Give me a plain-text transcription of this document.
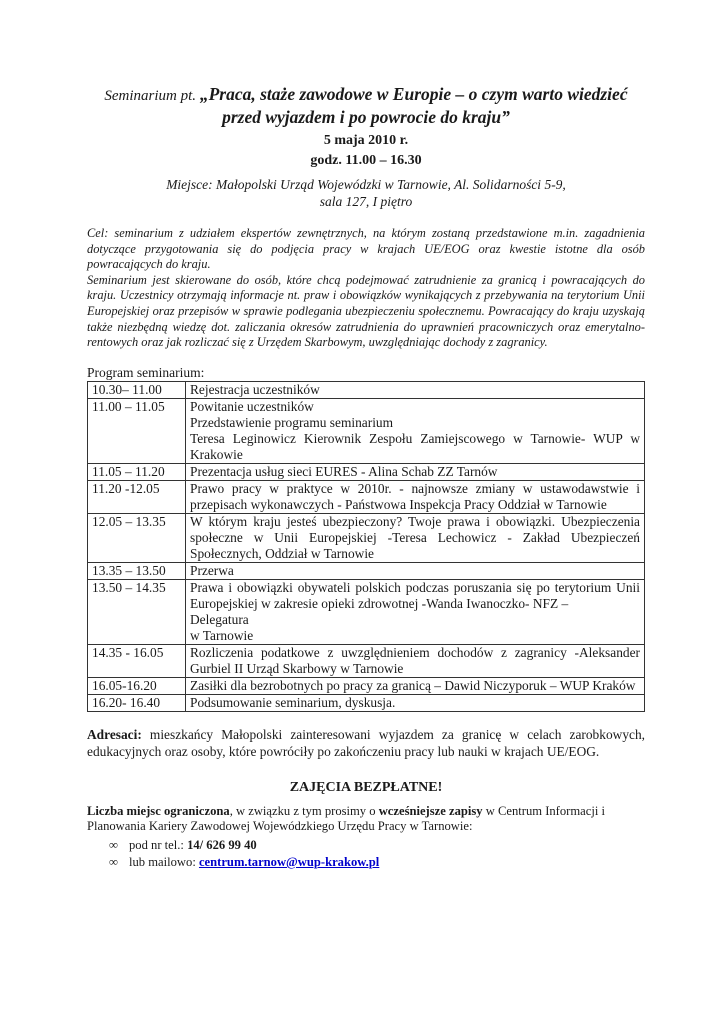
Seminarium pt. „Praca, staże zawodowe w Europie – o czym warto wiedzieć
przed wyjazdem i po powrocie do kraju”

5 maja 2010 r.
godz. 11.00 – 16.30
Miejsce: Małopolski Urząd Wojewódzki w Tarnowie, Al. Solidarności 5-9,
sala 127, I piętro

Cel: seminarium z udziałem ekspertów zewnętrznych, na którym zostaną przedstawione m.in. zagadnienia dotyczące przygotowania się do podjęcia pracy w krajach UE/EOG oraz kwestie istotne dla osób powracających do kraju.

Seminarium jest skierowane do osób, które chcą podejmować zatrudnienie za granicą i powracających do kraju. Uczestnicy otrzymają informacje nt. praw i obowiązków wynikających z przebywania na terytorium Unii Europejskiej oraz przepisów w sprawie podlegania ubezpieczeniu społecznemu. Powracający do kraju uzyskają także niezbędną wiedzę dot. zaliczania okresów zatrudnienia do uprawnień pracowniczych oraz emerytalno-rentowych oraz jak rozliczać się z Urzędem Skarbowym, uwzględniając dochody z zagranicy.

Program seminarium:
10.30– 11.00	Rejestracja uczestników

11.00 – 11.05	Powitanie uczestników
Przedstawienie programu seminarium
Teresa Leginowicz Kierownik Zespołu Zamiejscowego w Tarnowie- WUP w Krakowie

11.05 – 11.20	Prezentacja usług sieci EURES - Alina Schab ZZ Tarnów

11.20 -12.05	Prawo pracy w praktyce w 2010r. - najnowsze zmiany w ustawodawstwie i przepisach wykonawczych - Państwowa Inspekcja Pracy Oddział w Tarnowie

12.05 – 13.35	W którym kraju jesteś ubezpieczony? Twoje prawa i obowiązki. Ubezpieczenia społeczne w Unii Europejskiej -Teresa Lechowicz - Zakład Ubezpieczeń Społecznych, Oddział w Tarnowie

13.35 – 13.50	Przerwa

13.50 – 14.35	Prawa i obowiązki obywateli polskich podczas poruszania się po terytorium Unii Europejskiej w zakresie opieki zdrowotnej -Wanda Iwanoczko- NFZ –
Delegatura
w Tarnowie

14.35 - 16.05	Rozliczenia podatkowe z uwzględnieniem dochodów z zagranicy -Aleksander Gurbiel II Urząd Skarbowy w Tarnowie

16.05-16.20	Zasiłki dla bezrobotnych po pracy za granicą – Dawid Niczyporuk – WUP Kraków

16.20- 16.40	Podsumowanie seminarium, dyskusja.
Adresaci: mieszkańcy Małopolski zainteresowani wyjazdem za granicę w celach zarobkowych, edukacyjnych oraz osoby, które powróciły po zakończeniu pracy lub nauki w krajach UE/EOG.
ZAJĘCIA BEZPŁATNE!
Liczba miejsc ograniczona, w związku z tym prosimy o wcześniejsze zapisy w Centrum Informacji i Planowania Kariery Zawodowej Wojewódzkiego Urzędu Pracy w Tarnowie:
∞ pod nr tel.: 14/ 626 99 40
∞ lub mailowo: centrum.tarnow@wup-krakow.pl
